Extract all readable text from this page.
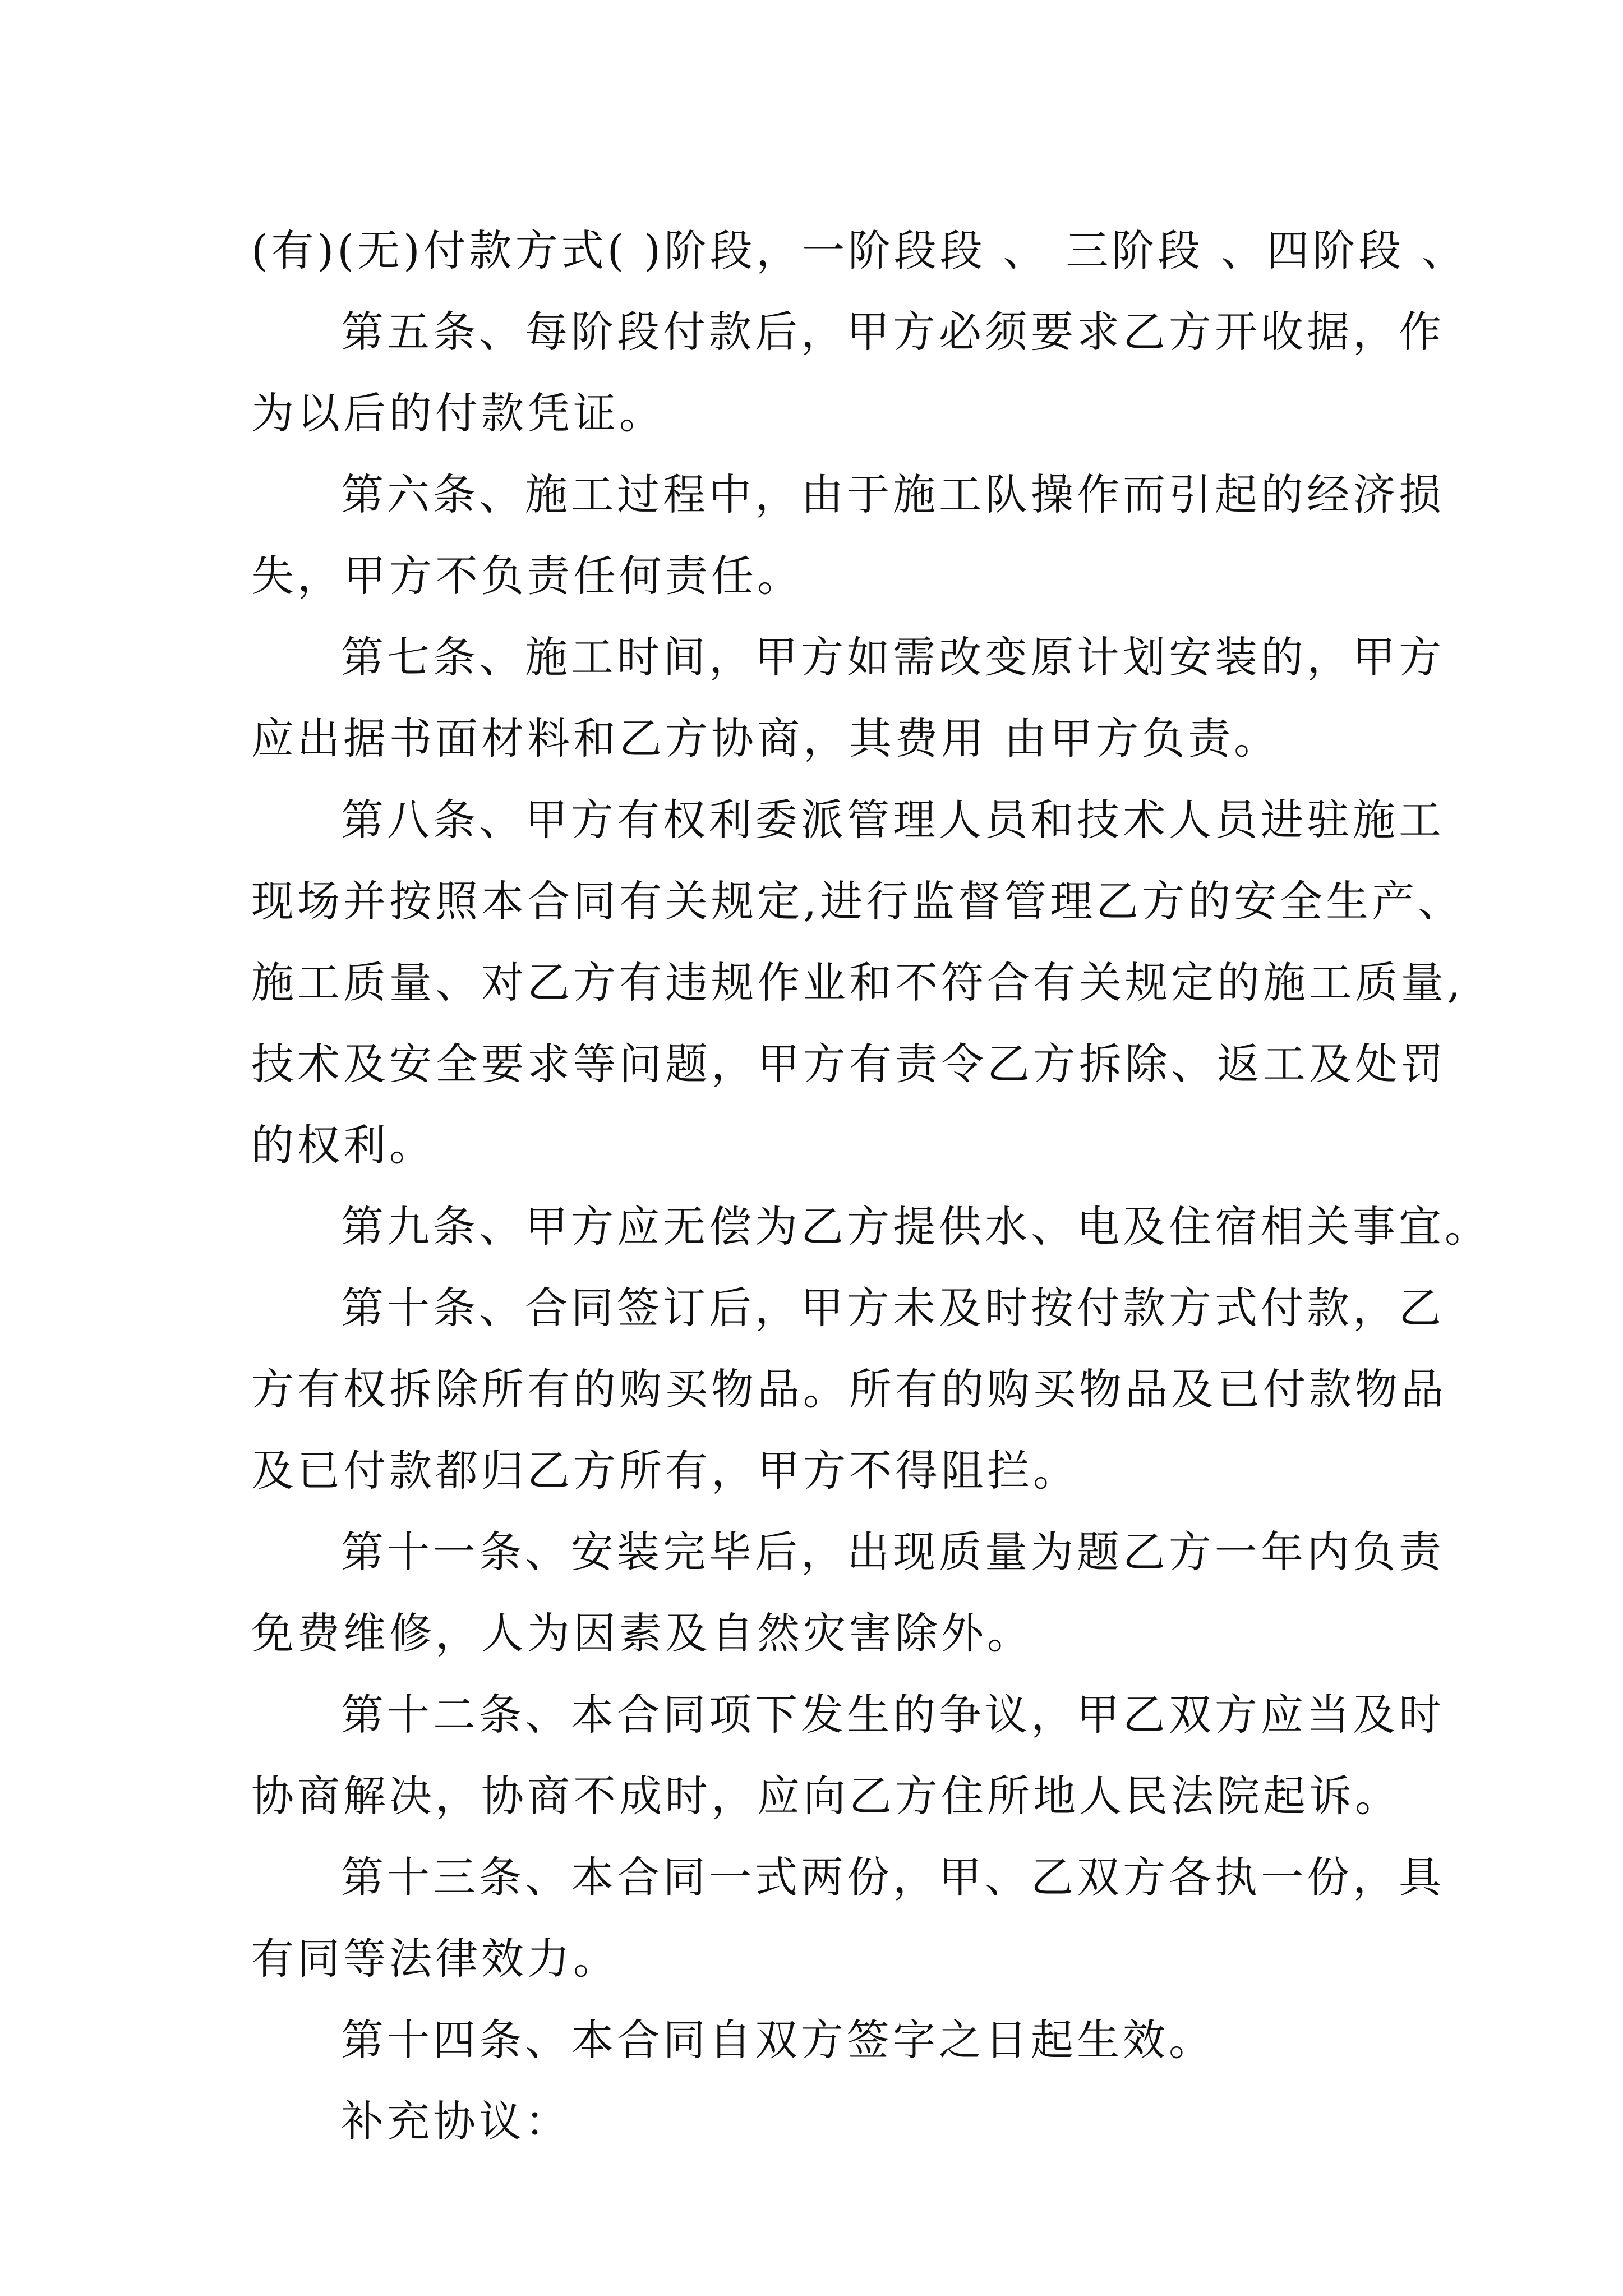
(有)(无)付款方式( )阶段，一阶段段 、 三阶段 、四阶段 、
第五条、每阶段付款后，甲方必须要求乙方开收据，作
为以后的付款凭证。
第六条、施工过程中，由于施工队操作而引起的经济损
失，甲方不负责任何责任。
第七条、施工时间，甲方如需改变原计划安装的，甲方
应出据书面材料和乙方协商，其费用 由甲方负责。
第八条、甲方有权利委派管理人员和技术人员进驻施工
现场并按照本合同有关规定,进行监督管理乙方的安全生产、
施工质量、对乙方有违规作业和不符合有关规定的施工质量,
技术及安全要求等问题，甲方有责令乙方拆除、返工及处罚
的权利。
第九条、甲方应无偿为乙方提供水、电及住宿相关事宜。
第十条、合同签订后，甲方未及时按付款方式付款，乙
方有权拆除所有的购买物品。所有的购买物品及已付款物品
及已付款都归乙方所有，甲方不得阻拦。
第十一条、安装完毕后，出现质量为题乙方一年内负责
免费维修，人为因素及自然灾害除外。
第十二条、本合同项下发生的争议，甲乙双方应当及时
协商解决，协商不成时，应向乙方住所地人民法院起诉。
第十三条、本合同一式两份，甲、乙双方各执一份，具
有同等法律效力。
第十四条、本合同自双方签字之日起生效。
补充协议：
